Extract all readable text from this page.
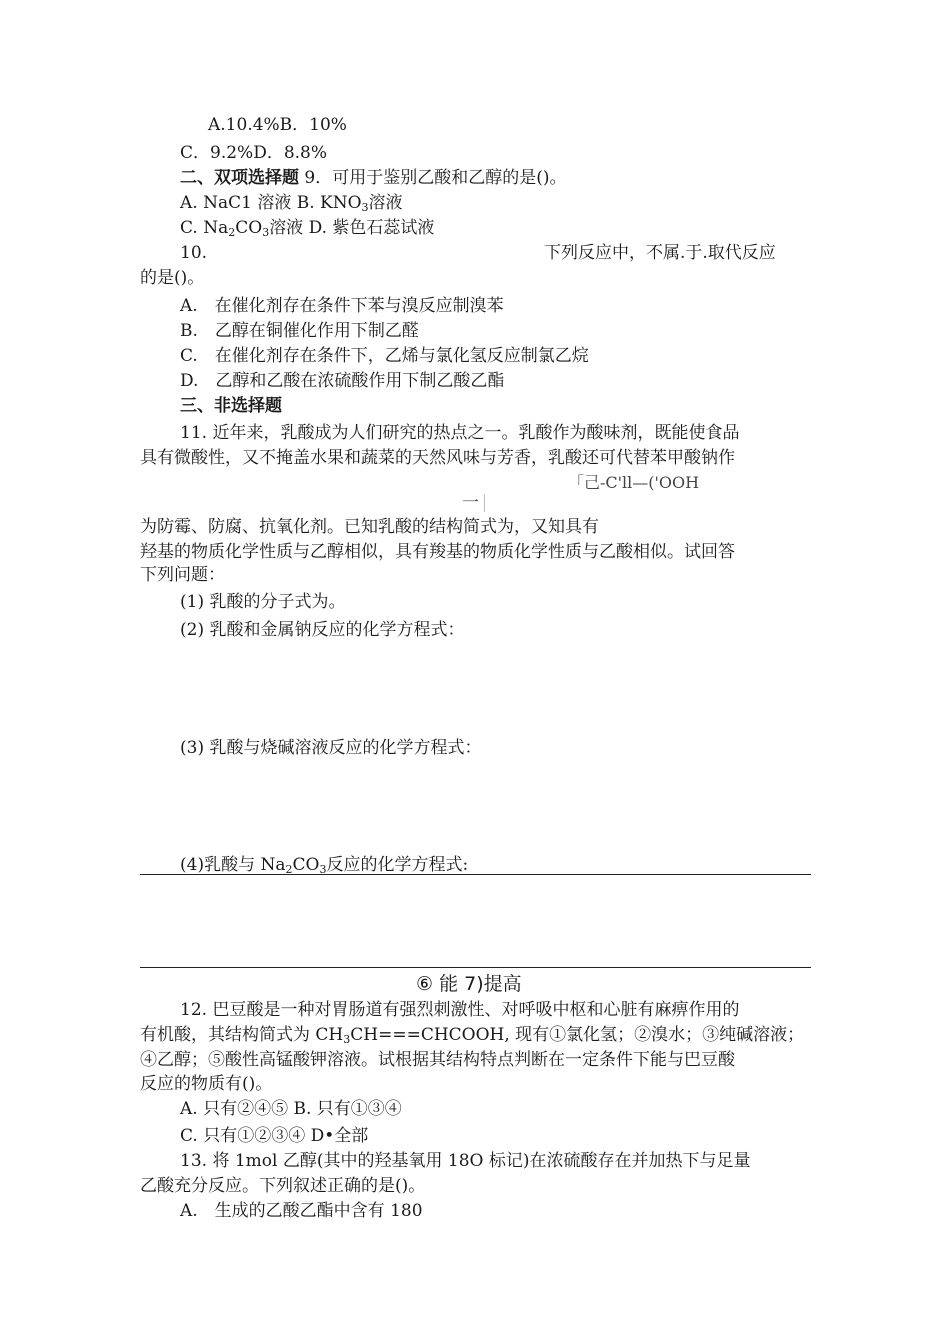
A.10.4%B．10%
C．9.2%D．8.8%
二、双项选择题 9．可用于鉴别乙酸和乙醇的是()。
A. NaC1 溶液 B. $KNO_3$溶液
C. $Na_2CO_3$溶液 D. 紫色石蕊试液
10.	下列反应中，不属.于.取代反应
的是()。
A.　在催化剂存在条件下苯与溴反应制溴苯
B.　乙醇在铜催化作用下制乙醛
C.　在催化剂存在条件下，乙烯与氯化氢反应制氯乙烷
D.　乙醇和乙酸在浓硫酸作用下制乙酸乙酯
三、非选择题
11. 近年来，乳酸成为人们研究的热点之一。乳酸作为酸味剂，既能使食品
具有微酸性，又不掩盖水果和蔬菜的天然风味与芳香，乳酸还可代替苯甲酸钠作
「己-C'll—('OOH
一
为防霉、防腐、抗氧化剂。已知乳酸的结构简式为，又知具有
羟基的物质化学性质与乙醇相似，具有羧基的物质化学性质与乙酸相似。试回答
下列问题：
(1) 乳酸的分子式为。
(2) 乳酸和金属钠反应的化学方程式：
(3) 乳酸与烧碱溶液反应的化学方程式：
(4)乳酸与 $Na_2CO_3$反应的化学方程式:
⑥ 能 7)提高
12. 巴豆酸是一种对胃肠道有强烈刺激性、对呼吸中枢和心脏有麻痹作用的
有机酸，其结构简式为 $CH_3CH===CHCOOH$, 现有①氯化氢；②溴水；③纯碱溶液；
④乙醇；⑤酸性高锰酸钾溶液。试根据其结构特点判断在一定条件下能与巴豆酸
反应的物质有()。
A. 只有②④⑤ B. 只有①③④
C. 只有①②③④ D•全部
13. 将 1mol 乙醇(其中的羟基氧用 18O 标记)在浓硫酸存在并加热下与足量
乙酸充分反应。下列叙述正确的是()。
A.　生成的乙酸乙酯中含有 180
